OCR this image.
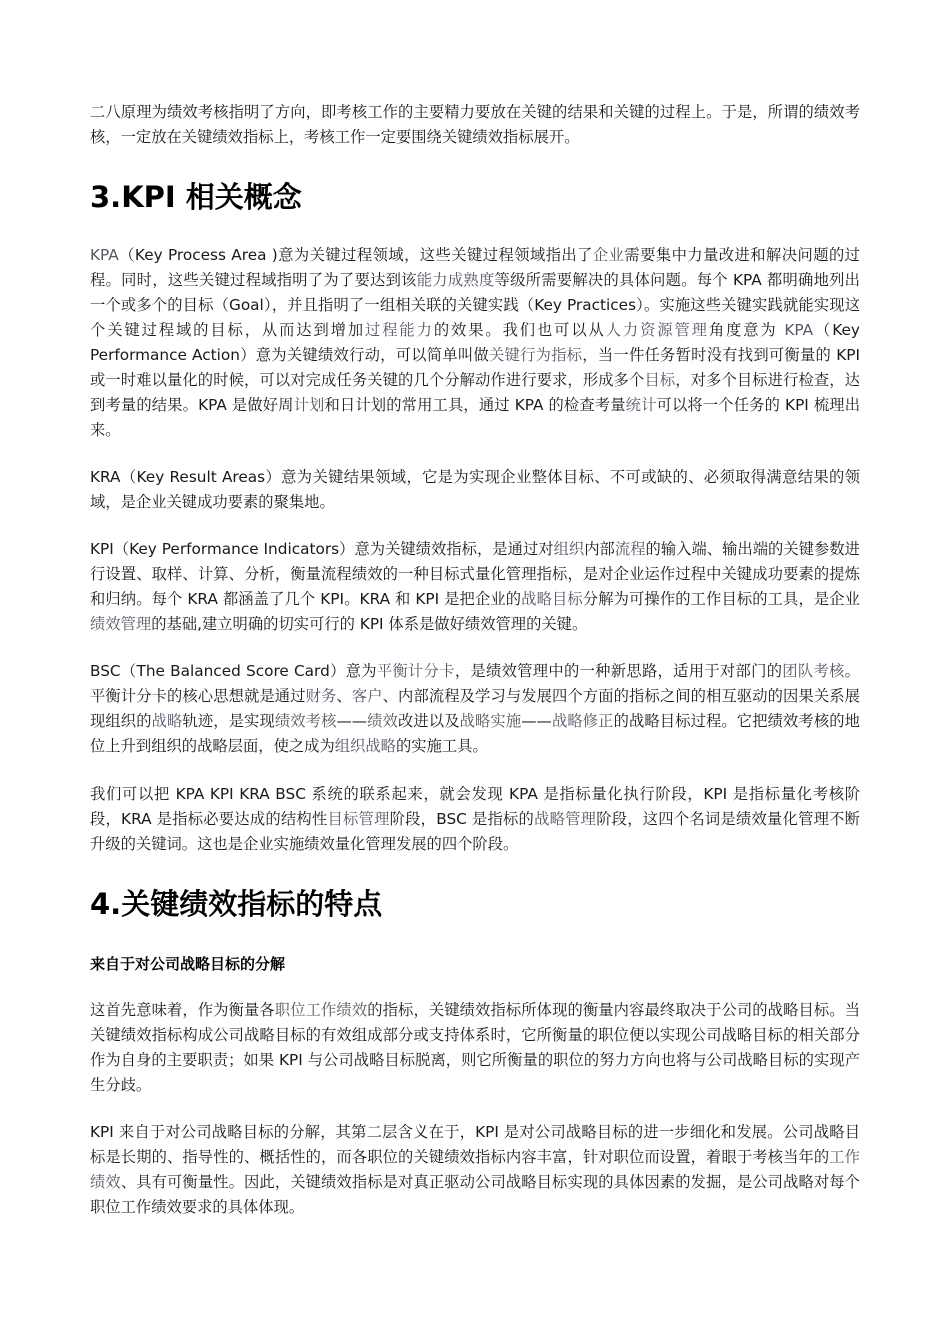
二八原理为绩效考核指明了方向，即考核工作的主要精力要放在关键的结果和关键的过程上。于是，所谓的绩效考核，一定放在关键绩效指标上，考核工作一定要围绕关键绩效指标展开。

3.KPI 相关概念

KPA（Key Process Area )意为关键过程领域，这些关键过程领域指出了企业需要集中力量改进和解决问题的过程。同时，这些关键过程域指明了为了要达到该能力成熟度等级所需要解决的具体问题。每个 KPA 都明确地列出一个或多个的目标（Goal），并且指明了一组相关联的关键实践（Key Practices）。实施这些关键实践就能实现这个关键过程域的目标，从而达到增加过程能力的效果。我们也可以从人力资源管理角度意为 KPA（Key Performance Action）意为关键绩效行动，可以简单叫做关键行为指标，当一件任务暂时没有找到可衡量的 KPI 或一时难以量化的时候，可以对完成任务关键的几个分解动作进行要求，形成多个目标，对多个目标进行检查，达到考量的结果。KPA 是做好周计划和日计划的常用工具，通过 KPA 的检查考量统计可以将一个任务的 KPI 梳理出来。

KRA（Key Result Areas）意为关键结果领域，它是为实现企业整体目标、不可或缺的、必须取得满意结果的领域，是企业关键成功要素的聚集地。

KPI（Key Performance Indicators）意为关键绩效指标，是通过对组织内部流程的输入端、输出端的关键参数进行设置、取样、计算、分析，衡量流程绩效的一种目标式量化管理指标，是对企业运作过程中关键成功要素的提炼和归纳。每个 KRA 都涵盖了几个 KPI。KRA 和 KPI 是把企业的战略目标分解为可操作的工作目标的工具，是企业绩效管理的基础,建立明确的切实可行的 KPI 体系是做好绩效管理的关键。

BSC（The Balanced Score Card）意为平衡计分卡，是绩效管理中的一种新思路，适用于对部门的团队考核。平衡计分卡的核心思想就是通过财务、客户、内部流程及学习与发展四个方面的指标之间的相互驱动的因果关系展现组织的战略轨迹，是实现绩效考核——绩效改进以及战略实施——战略修正的战略目标过程。它把绩效考核的地位上升到组织的战略层面，使之成为组织战略的实施工具。

我们可以把 KPA KPI KRA BSC 系统的联系起来，就会发现 KPA 是指标量化执行阶段，KPI 是指标量化考核阶段，KRA 是指标必要达成的结构性目标管理阶段，BSC 是指标的战略管理阶段，这四个名词是绩效量化管理不断升级的关键词。这也是企业实施绩效量化管理发展的四个阶段。

4.关键绩效指标的特点
来自于对公司战略目标的分解

这首先意味着，作为衡量各职位工作绩效的指标，关键绩效指标所体现的衡量内容最终取决于公司的战略目标。当关键绩效指标构成公司战略目标的有效组成部分或支持体系时，它所衡量的职位便以实现公司战略目标的相关部分作为自身的主要职责；如果 KPI 与公司战略目标脱离，则它所衡量的职位的努力方向也将与公司战略目标的实现产生分歧。

KPI 来自于对公司战略目标的分解，其第二层含义在于，KPI 是对公司战略目标的进一步细化和发展。公司战略目标是长期的、指导性的、概括性的，而各职位的关键绩效指标内容丰富，针对职位而设置，着眼于考核当年的工作绩效、具有可衡量性。因此，关键绩效指标是对真正驱动公司战略目标实现的具体因素的发掘，是公司战略对每个职位工作绩效要求的具体体现。
